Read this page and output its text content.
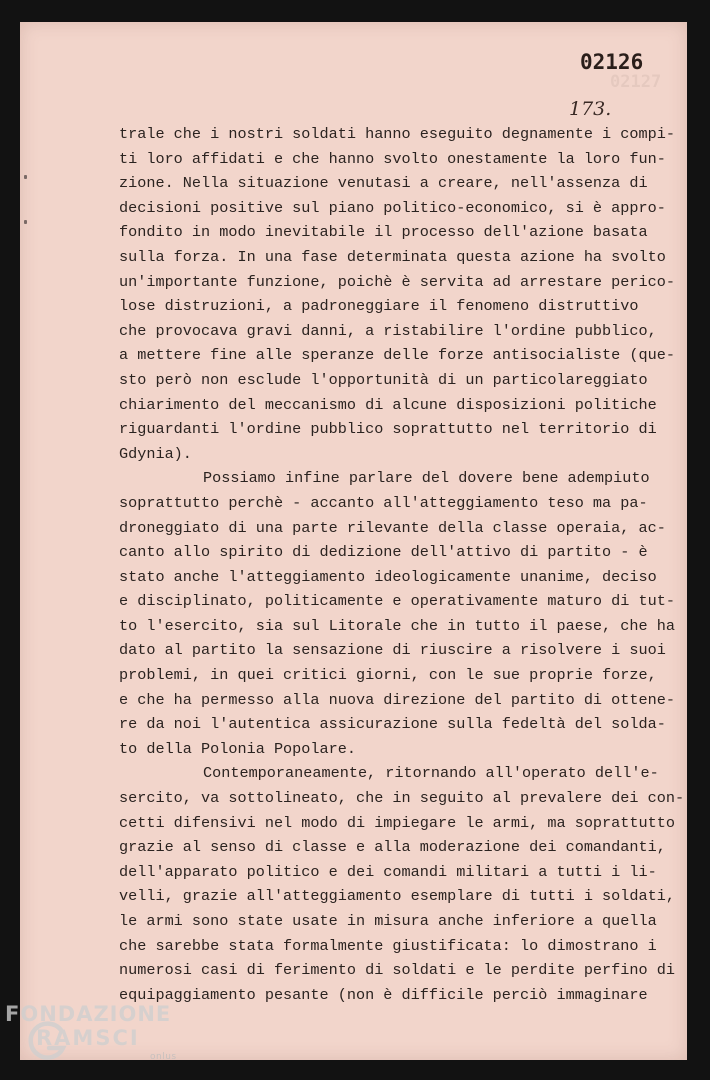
02127
02126
173.
trale che i nostri soldati hanno eseguito degnamente i compi-
ti loro affidati e che hanno svolto onestamente la loro fun-
zione. Nella situazione venutasi a creare, nell'assenza di
decisioni positive sul piano politico-economico, si è appro-
fondito in modo inevitabile il processo dell'azione basata
sulla forza. In una fase determinata questa azione ha svolto
un'importante funzione, poichè è servita ad arrestare perico-
lose distruzioni, a padroneggiare il fenomeno distruttivo
che provocava gravi danni, a ristabilire l'ordine pubblico,
a mettere fine alle speranze delle forze antisocialiste (que-
sto però non esclude l'opportunità di un particolareggiato
chiarimento del meccanismo di alcune disposizioni politiche
riguardanti l'ordine pubblico soprattutto nel territorio di
Gdynia).
Possiamo infine parlare del dovere bene adempiuto
soprattutto perchè - accanto all'atteggiamento teso ma pa-
droneggiato di una parte rilevante della classe operaia, ac-
canto allo spirito di dedizione dell'attivo di partito - è
stato anche l'atteggiamento ideologicamente unanime, deciso
e disciplinato, politicamente e operativamente maturo di tut-
to l'esercito, sia sul Litorale che in tutto il paese, che ha
dato al partito la sensazione di riuscire a risolvere i suoi
problemi, in quei critici giorni, con le sue proprie forze,
e che ha permesso alla nuova direzione del partito di ottene-
re da noi l'autentica assicurazione sulla fedeltà del solda-
to della Polonia Popolare.
Contemporaneamente, ritornando all'operato dell'e-
sercito, va sottolineato, che in seguito al prevalere dei con-
cetti difensivi nel modo di impiegare le armi, ma soprattutto
grazie al senso di classe e alla moderazione dei comandanti,
dell'apparato politico e dei comandi militari a tutti i li-
velli, grazie all'atteggiamento esemplare di tutti i soldati,
le armi sono state usate in misura anche inferiore a quella
che sarebbe stata formalmente giustificata: lo dimostrano i
numerosi casi di ferimento di soldati e le perdite perfino di
equipaggiamento pesante (non è difficile perciò immaginare
FONDAZIONE
RAMSCI
onlus
